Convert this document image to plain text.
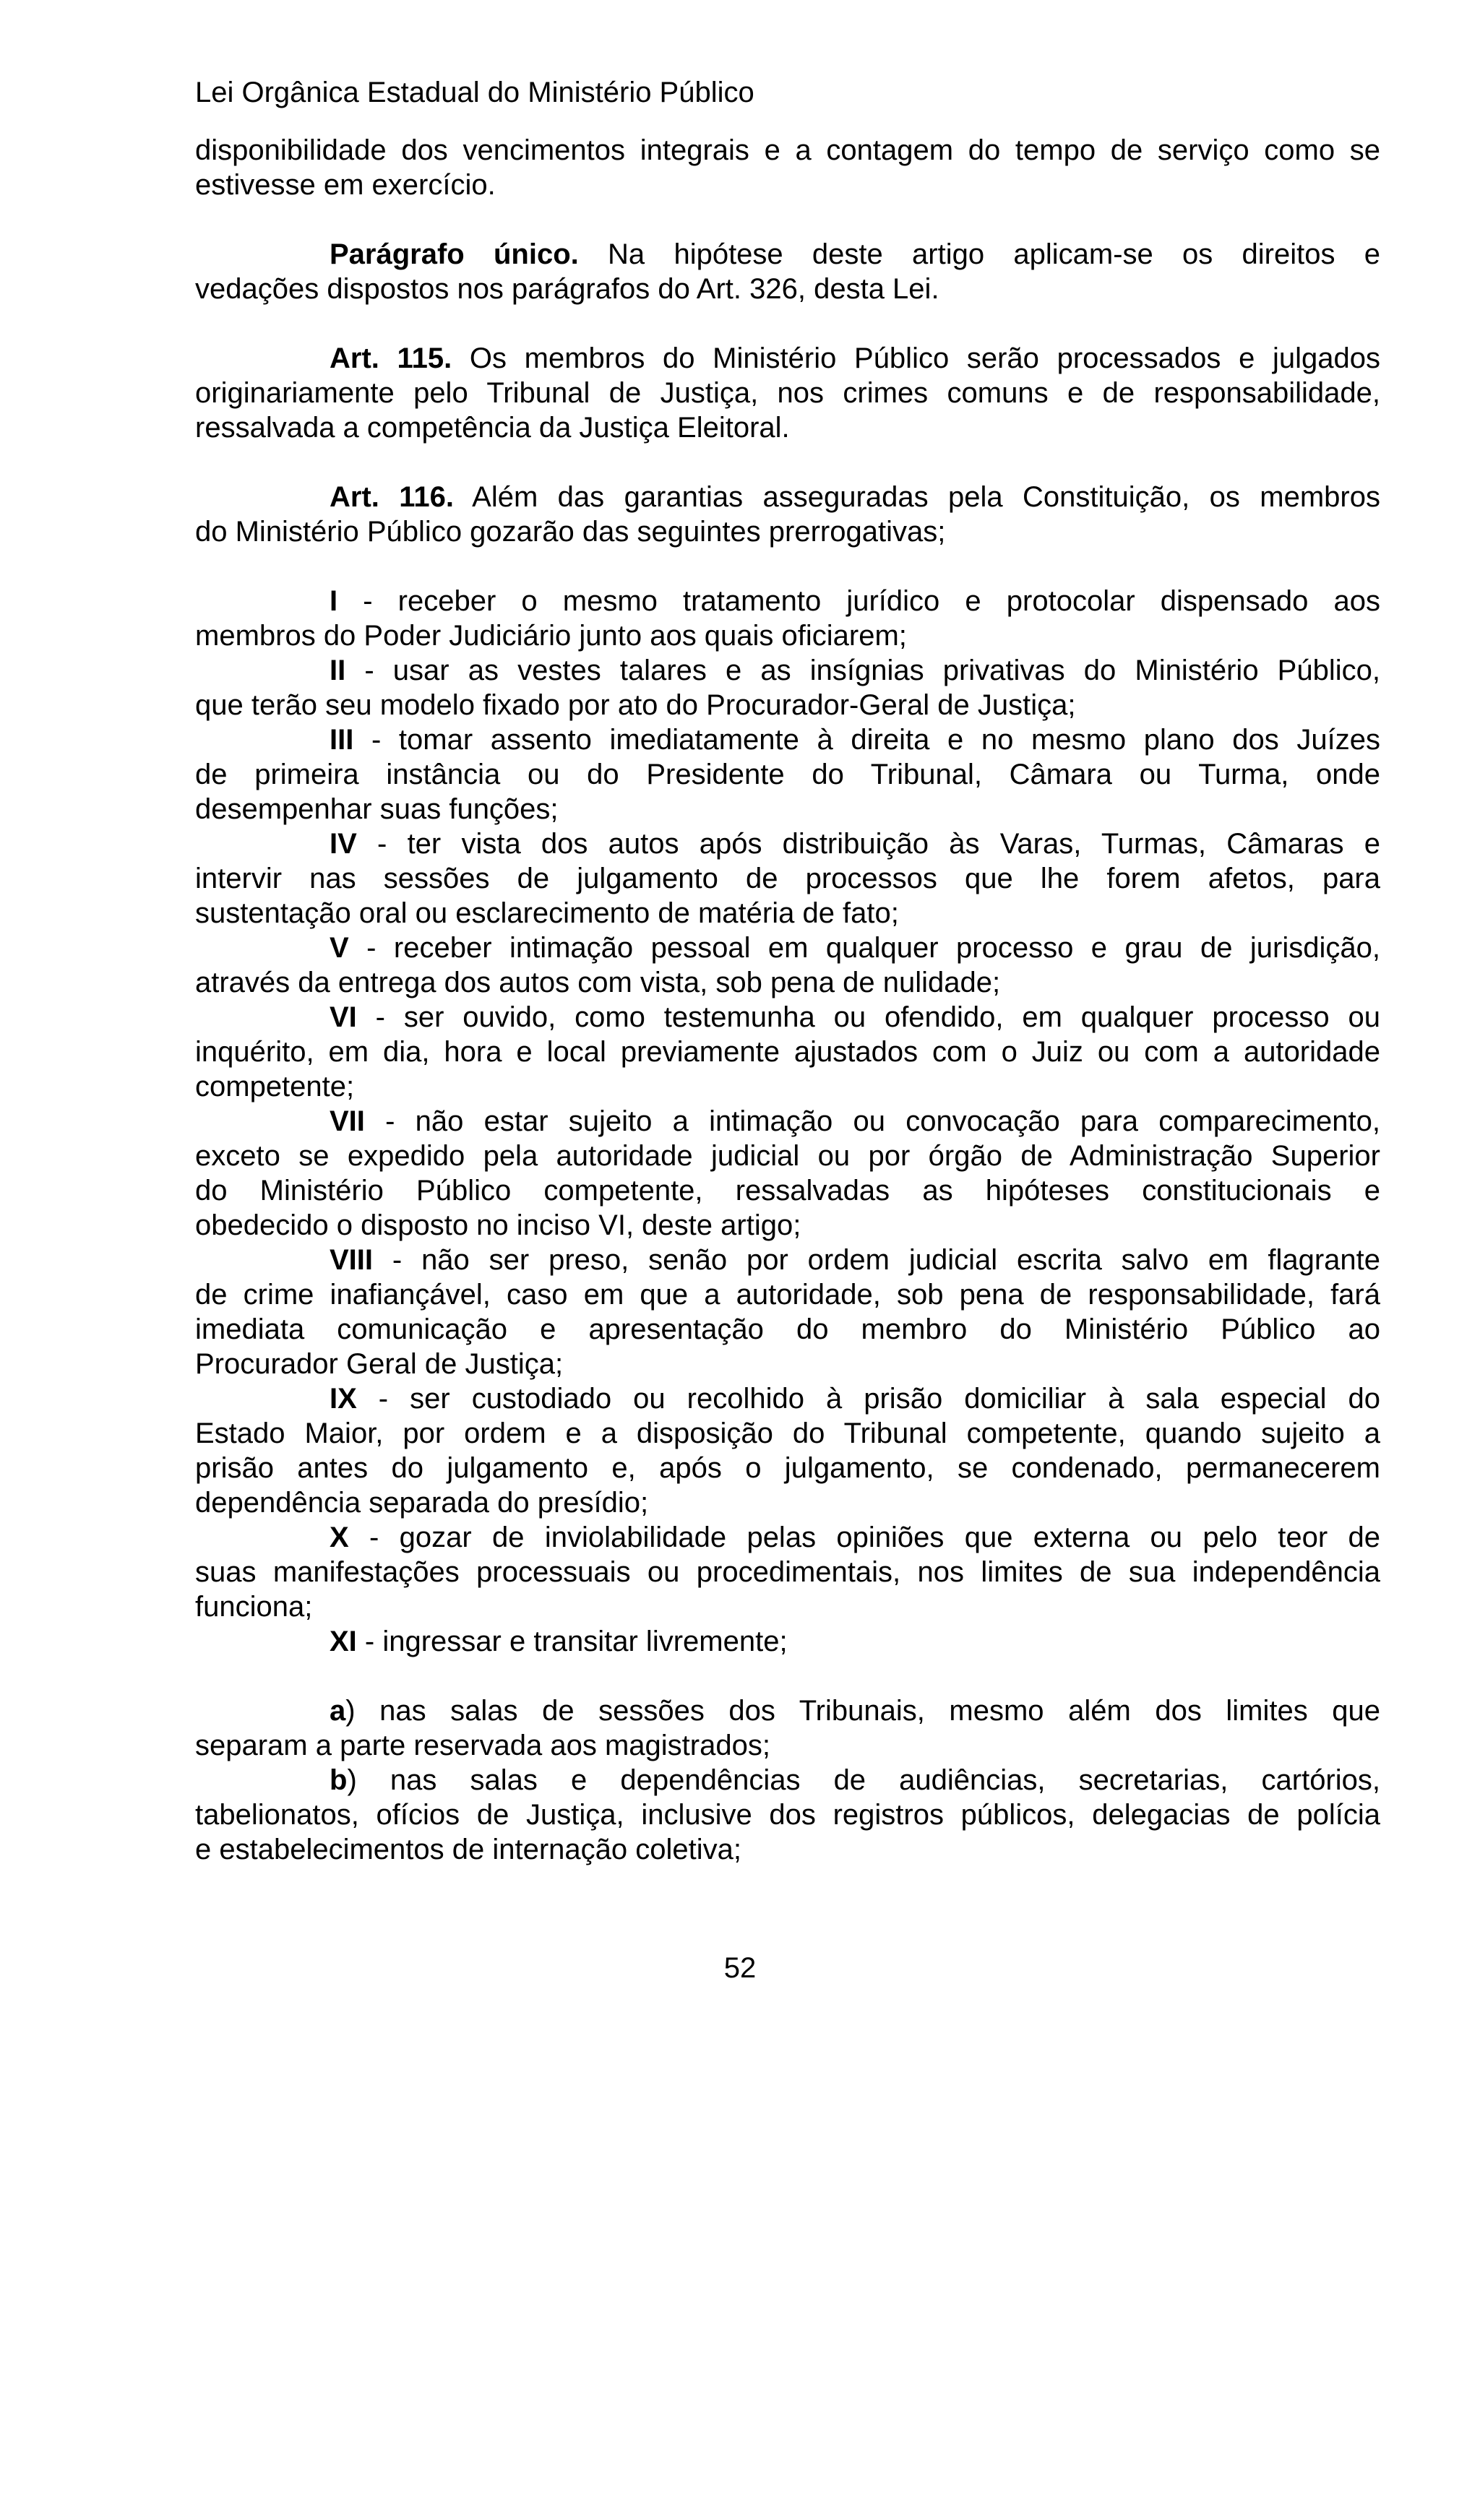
Lei Orgânica Estadual do Ministério Público

disponibilidade dos vencimentos integrais e a contagem do tempo de serviço como se

estivesse em exercício.

Parágrafo único. Na hipótese deste artigo aplicam-se os direitos e

vedações dispostos nos parágrafos do Art. 326, desta Lei.

Art. 115. Os membros do Ministério Público serão processados e julgados

originariamente pelo Tribunal de Justiça, nos crimes comuns e de responsabilidade,

ressalvada a competência da Justiça Eleitoral.

Art. 116. Além das garantias asseguradas pela Constituição, os membros

do Ministério Público gozarão das seguintes prerrogativas;

I - receber o mesmo tratamento jurídico e protocolar dispensado aos

membros do Poder Judiciário junto aos quais oficiarem;

II - usar as vestes talares e as insígnias privativas do Ministério Público,

que terão seu modelo fixado por ato do Procurador-Geral de Justiça;

III - tomar assento imediatamente à direita e no mesmo plano dos Juízes

de primeira instância ou do Presidente do Tribunal, Câmara ou Turma, onde

desempenhar suas funções;

IV - ter vista dos autos após distribuição às Varas, Turmas, Câmaras e

intervir nas sessões de julgamento de processos que lhe forem afetos, para

sustentação oral ou esclarecimento de matéria de fato;

V - receber intimação pessoal em qualquer processo e grau de jurisdição,

através da entrega dos autos com vista, sob pena de nulidade;

VI - ser ouvido, como testemunha ou ofendido, em qualquer processo ou

inquérito, em dia, hora e local previamente ajustados com o Juiz ou com a autoridade

competente;

VII - não estar sujeito a intimação ou convocação para comparecimento,

exceto se expedido pela autoridade judicial ou por órgão de Administração Superior

do Ministério Público competente, ressalvadas as hipóteses constitucionais e

obedecido o disposto no inciso VI, deste artigo;

VIII - não ser preso, senão por ordem judicial escrita salvo em flagrante

de crime inafiançável, caso em que a autoridade, sob pena de responsabilidade, fará

imediata comunicação e apresentação do membro do Ministério Público ao

Procurador Geral de Justiça;

IX - ser custodiado ou recolhido à prisão domiciliar à sala especial do

Estado Maior, por ordem e a disposição do Tribunal competente, quando sujeito a

prisão antes do julgamento e, após o julgamento, se condenado, permanecerem

dependência separada do presídio;

X - gozar de inviolabilidade pelas opiniões que externa ou pelo teor de

suas manifestações processuais ou procedimentais, nos limites de sua independência

funciona;

XI - ingressar e transitar livremente;

a) nas salas de sessões dos Tribunais, mesmo além dos limites que

separam a parte reservada aos magistrados;

b) nas salas e dependências de audiências, secretarias, cartórios,

tabelionatos, ofícios de Justiça, inclusive dos registros públicos, delegacias de polícia

e estabelecimentos de internação coletiva;

52
